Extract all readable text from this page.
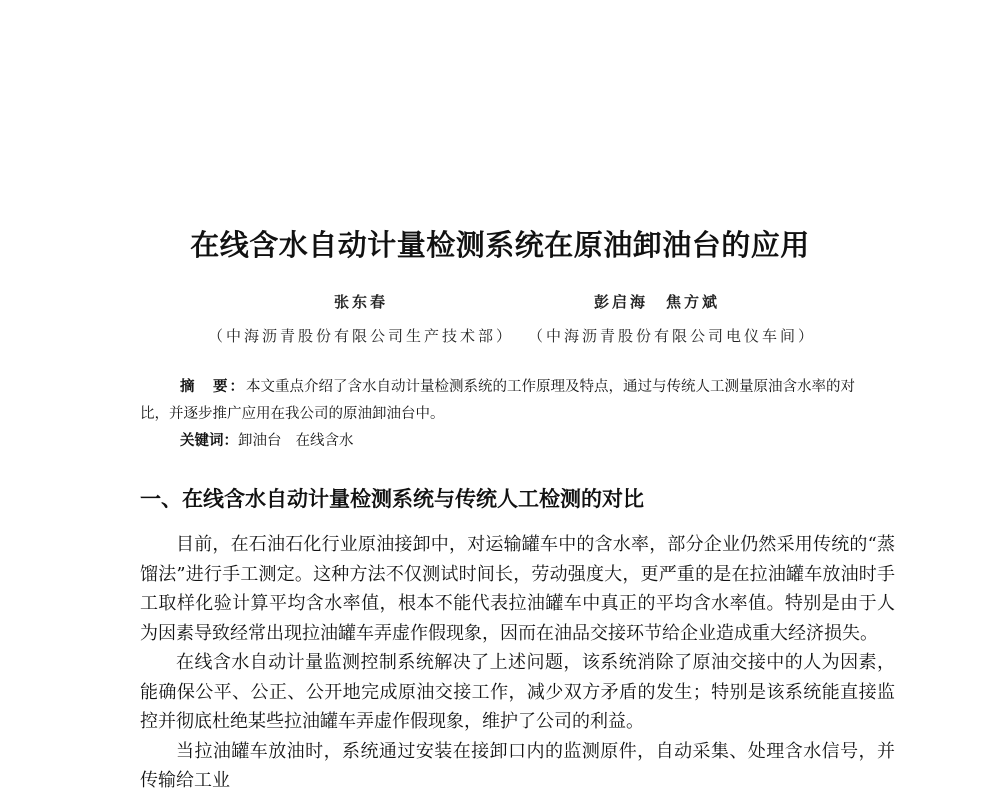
在线含水自动计量检测系统在原油卸油台的应用
张东春	彭启海 焦方斌
（中海沥青股份有限公司生产技术部） （中海沥青股份有限公司电仪车间）

摘　要：本文重点介绍了含水自动计量检测系统的工作原理及特点，通过与传统人工测量原油含水率的对比，并逐步推广应用在我公司的原油卸油台中。

关键词：卸油台 在线含水
一、在线含水自动计量检测系统与传统人工检测的对比

目前，在石油石化行业原油接卸中，对运输罐车中的含水率，部分企业仍然采用传统的“蒸馏法”进行手工测定。这种方法不仅测试时间长，劳动强度大，更严重的是在拉油罐车放油时手工取样化验计算平均含水率值，根本不能代表拉油罐车中真正的平均含水率值。特别是由于人为因素导致经常出现拉油罐车弄虚作假现象，因而在油品交接环节给企业造成重大经济损失。

在线含水自动计量监测控制系统解决了上述问题，该系统消除了原油交接中的人为因素，能确保公平、公正、公开地完成原油交接工作，减少双方矛盾的发生；特别是该系统能直接监控并彻底杜绝某些拉油罐车弄虚作假现象，维护了公司的利益。

当拉油罐车放油时，系统通过安装在接卸口内的监测原件，自动采集、处理含水信号，并传输给工业
